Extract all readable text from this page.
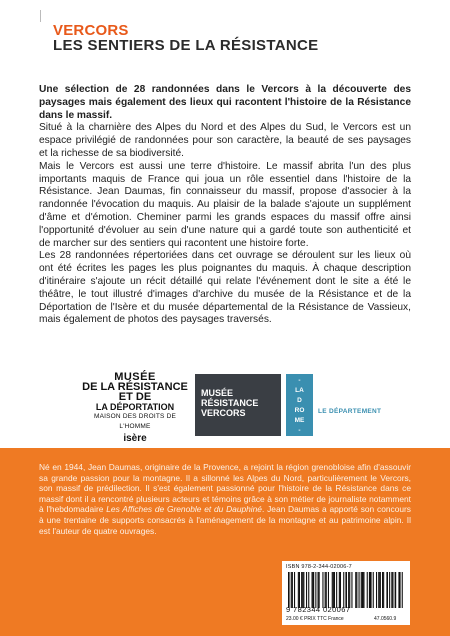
VERCORS
LES SENTIERS DE LA RÉSISTANCE

Une sélection de 28 randonnées dans le Vercors à la découverte des paysages mais également des lieux qui racontent l'histoire de la Résistance dans le massif.

Situé à la charnière des Alpes du Nord et des Alpes du Sud, le Vercors est un espace privilégié de randonnées pour son caractère, la beauté de ses paysages et la richesse de sa biodiversité.

Mais le Vercors est aussi une terre d'histoire. Le massif abrita l'un des plus importants maquis de France qui joua un rôle essentiel dans l'histoire de la Résistance. Jean Daumas, fin connaisseur du massif, propose d'associer à la randonnée l'évocation du maquis. Au plaisir de la balade s'ajoute un supplément d'âme et d'émotion. Cheminer parmi les grands espaces du massif offre ainsi l'opportunité d'évoluer au sein d'une nature qui a gardé toute son authenticité et de marcher sur des sentiers qui racontent une histoire forte.

Les 28 randonnées répertoriées dans cet ouvrage se déroulent sur les lieux où ont été écrites les pages les plus poignantes du maquis. À chaque description d'itinéraire s'ajoute un récit détaillé qui relate l'événement dont le site a été le théâtre, le tout illustré d'images d'archive du musée de la Résistance et de la Déportation de l'Isère et du musée départemental de la Résistance de Vassieux, mais également de photos des paysages traversés.

MUSÉE
DE LA RÉSISTANCE ET DE
LA DÉPORTATION
MAISON DES DROITS DE L'HOMME
isère
MUSÉE
RÉSISTANCE
VERCORS
-
LA
D
RO
ME
-
LE DÉPARTEMENT
Né en 1944, Jean Daumas, originaire de la Provence, a rejoint la région grenobloise afin d'assouvir sa grande passion pour la montagne. Il a sillonné les Alpes du Nord, particulièrement le Vercors, son massif de prédilection. Il s'est également passionné pour l'histoire de la Résistance dans ce massif dont il a rencontré plusieurs acteurs et témoins grâce à son métier de journaliste notamment à l'hebdomadaire Les Affiches de Grenoble et du Dauphiné. Jean Daumas a apporté son concours à une trentaine de supports consacrés à l'aménagement de la montagne et au patrimoine alpin. Il est l'auteur de quatre ouvrages.
ISBN 978-2-344-02006-7
9 782344 020067
23.00 € PRIX TTC France	47.0560.9
